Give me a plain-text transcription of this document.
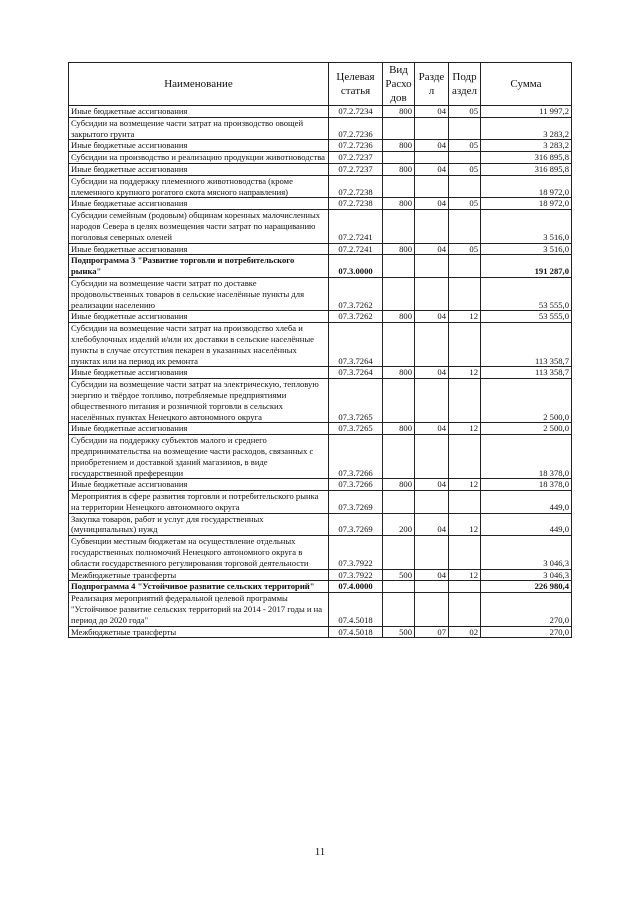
Наименование	Целевая статья	Вид Расхо дов	Разде л	Подр аздел	Сумма
Иные бюджетные ассигнования	07.2.7234	800	04	05	11 997,2
Субсидии на возмещение части затрат на производство овощей закрытого грунта	07.2.7236				3 283,2
Иные бюджетные ассигнования	07.2.7236	800	04	05	3 283,2
Субсидии на производство и реализацию продукции животноводства	07.2.7237				316 895,8
Иные бюджетные ассигнования	07.2.7237	800	04	05	316 895,8
Субсидии на поддержку племенного животноводства (кроме племенного крупного рогатого скота мясного направления)	07.2.7238				18 972,0
Иные бюджетные ассигнования	07.2.7238	800	04	05	18 972,0
Субсидии семейным (родовым) общинам коренных малочисленных народов Севера в целях возмещения части затрат по наращиванию поголовья северных оленей	07.2.7241				3 516,0
Иные бюджетные ассигнования	07.2.7241	800	04	05	3 516,0
Подпрограмма 3 "Развитие торговли и потребительского рынка"	07.3.0000				191 287,0
Субсидии на возмещение части затрат по доставке продовольственных товаров в сельские населённые пункты для реализации населению	07.3.7262				53 555,0
Иные бюджетные ассигнования	07.3.7262	800	04	12	53 555,0
Субсидии на возмещение части затрат на производство хлеба и хлебобулочных изделий и/или их доставки в сельские населённые пункты в случае отсутствия пекарен в указанных населённых пунктах или на период их ремонта	07.3.7264				113 358,7
Иные бюджетные ассигнования	07.3.7264	800	04	12	113 358,7
Субсидии на возмещение части затрат на электрическую, тепловую энергию и твёрдое топливо, потребляемые предприятиями общественного питания и розничной торговли в сельских населённых пунктах Ненецкого автономного округа	07.3.7265				2 500,0
Иные бюджетные ассигнования	07.3.7265	800	04	12	2 500,0
Субсидии на поддержку субъектов малого и среднего предпринимательства на возмещение части расходов, связанных с приобретением и доставкой зданий магазинов, в виде государственной преференции	07.3.7266				18 378,0
Иные бюджетные ассигнования	07.3.7266	800	04	12	18 378,0
Мероприятия в сфере развития торговли и потребительского рынка на территории Ненецкого автономного округа	07.3.7269				449,0
Закупка товаров, работ и услуг для государственных (муниципальных) нужд	07.3.7269	200	04	12	449,0
Субвенции местным бюджетам на осуществление отдельных государственных полномочий Ненецкого автономного округа в области государственного регулирования торговой деятельности	07.3.7922				3 046,3
Межбюджетные трансферты	07.3.7922	500	04	12	3 046,3
Подпрограмма 4 "Устойчивое развитие сельских территорий"	07.4.0000				226 980,4
Реализация мероприятий федеральной целевой программы "Устойчивое развитие сельских территорий на 2014 - 2017 годы и на период до 2020 года"	07.4.5018				270,0
Межбюджетные трансферты	07.4.5018	500	07	02	270,0
11
